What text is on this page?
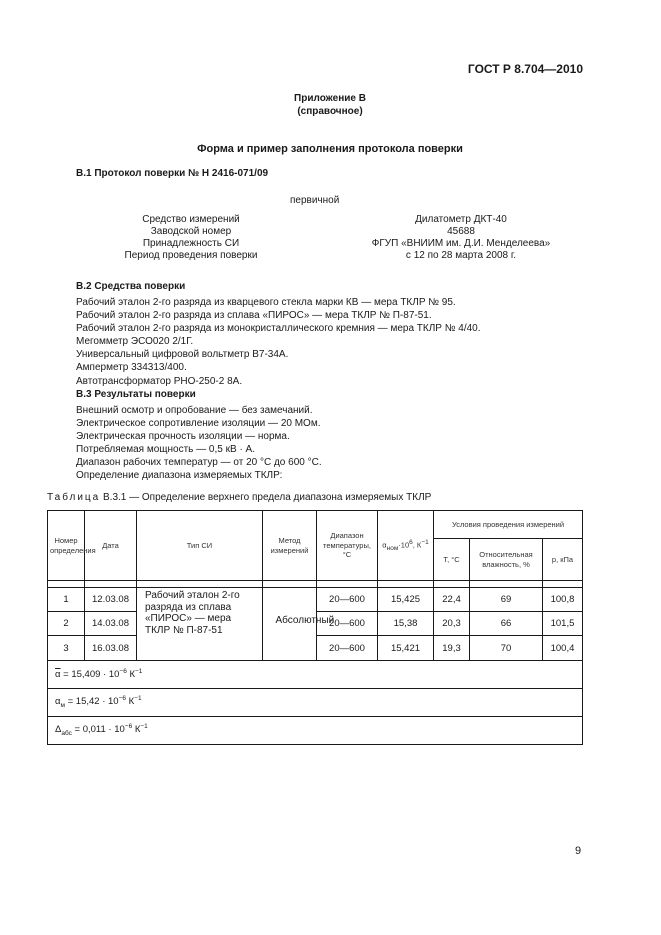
ГОСТ Р 8.704—2010
Приложение В
(справочное)
Форма и пример заполнения протокола поверки
В.1 Протокол поверки № Н 2416-071/09
первичной
Средство измерений	Дилатометр ДКТ-40
Заводской номер	45688
Принадлежность СИ	ФГУП «ВНИИМ им. Д.И. Менделеева»
Период проведения поверки	с 12 по 28 марта 2008 г.
В.2 Средства поверки
Рабочий эталон 2-го разряда из кварцевого стекла марки КВ — мера ТКЛР № 95.
Рабочий эталон 2-го разряда из сплава «ПИРОС» — мера ТКЛР № П-87-51.
Рабочий эталон 2-го разряда из монокристаллического кремния — мера ТКЛР № 4/40.
Мегомметр ЭСО020 2/1Г.
Универсальный цифровой вольтметр В7-34А.
Амперметр 334313/400.
Автотрансформатор РНО-250-2 8А.
В.3 Результаты поверки
Внешний осмотр и опробование — без замечаний.
Электрическое сопротивление изоляции — 20 МОм.
Электрическая прочность изоляции — норма.
Потребляемая мощность — 0,5 кВ · А.
Диапазон рабочих температур — от 20 °С до 600 °С.
Определение диапазона измеряемых ТКЛР:
Таблица В.3.1 — Определение верхнего предела диапазона измеряемых ТКЛР
Номер определения	Дата	Тип СИ	Метод измерений	Диапазон температуры, °С	$\alpha_{ном}\cdot 10^6$, $К^{-1}$	Условия проведения измерений		
						Т, °С	Относительная влажность, %	р, кПа

1	12.03.08	Рабочий эталон 2-го разряда из сплава «ПИРОС» — мера ТКЛР № П-87-51	Абсолютный	20—600	15,425	22,4	69	100,8
2	14.03.08			20—600	15,38	20,3	66	101,5
3	16.03.08			20—600	15,421	19,3	70	100,4
$\overline{\alpha} = 15,409 \cdot 10^{-6}$ $К^{-1}$
$\alpha_м = 15,42 \cdot 10^{-6}$ $К^{-1}$
$\Delta_{абс} = 0,011 \cdot 10^{-6}$ $К^{-1}$
9
